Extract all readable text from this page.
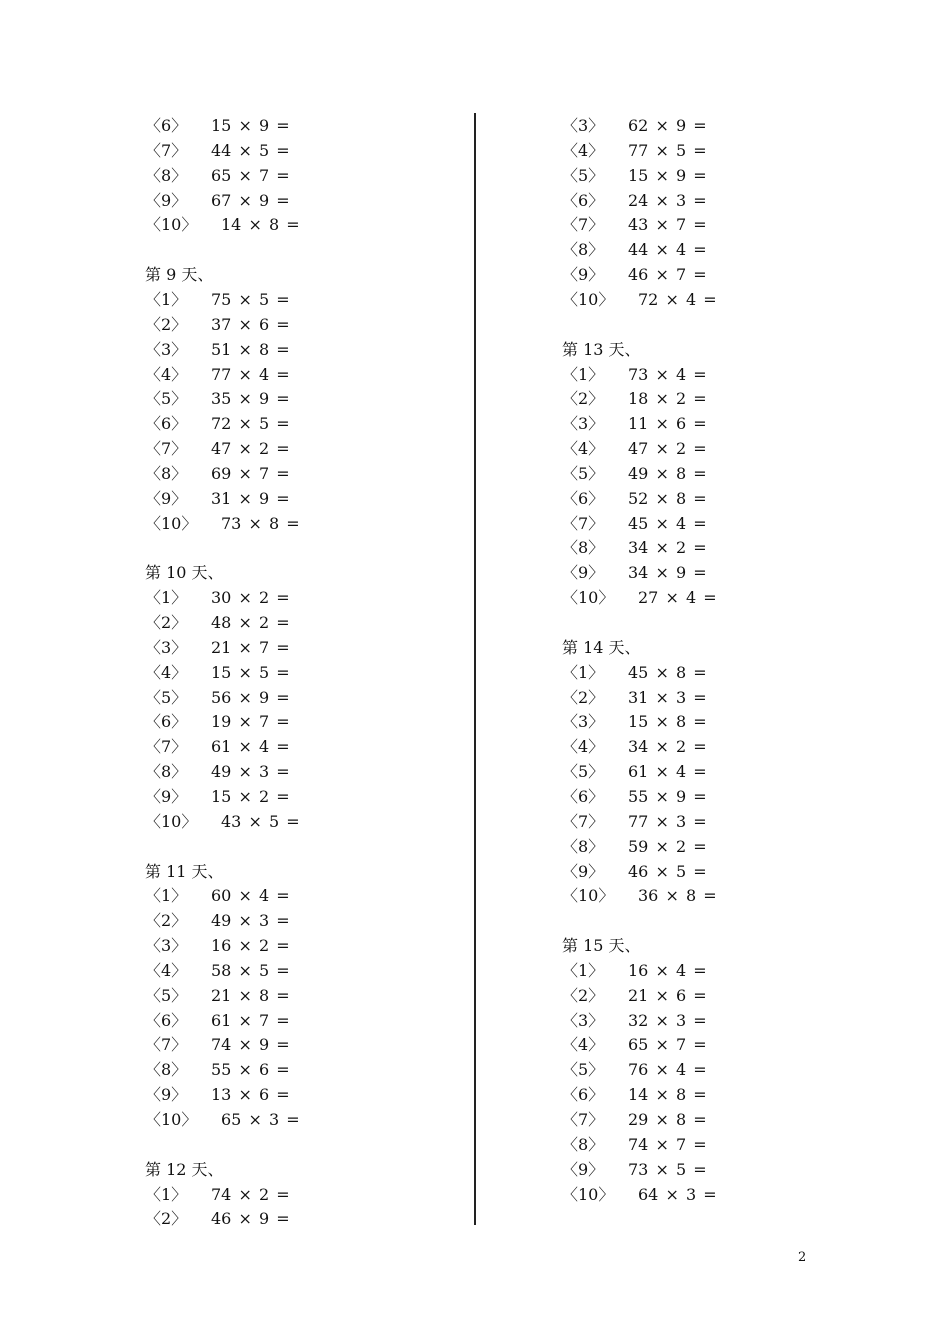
〈6〉 15 × 9 =
〈7〉 44 × 5 =
〈8〉 65 × 7 =
〈9〉 67 × 9 =
〈10〉 14 × 8 =
第 9 天、
〈1〉 75 × 5 =
〈2〉 37 × 6 =
〈3〉 51 × 8 =
〈4〉 77 × 4 =
〈5〉 35 × 9 =
〈6〉 72 × 5 =
〈7〉 47 × 2 =
〈8〉 69 × 7 =
〈9〉 31 × 9 =
〈10〉 73 × 8 =
第 10 天、
〈1〉 30 × 2 =
〈2〉 48 × 2 =
〈3〉 21 × 7 =
〈4〉 15 × 5 =
〈5〉 56 × 9 =
〈6〉 19 × 7 =
〈7〉 61 × 4 =
〈8〉 49 × 3 =
〈9〉 15 × 2 =
〈10〉 43 × 5 =
第 11 天、
〈1〉 60 × 4 =
〈2〉 49 × 3 =
〈3〉 16 × 2 =
〈4〉 58 × 5 =
〈5〉 21 × 8 =
〈6〉 61 × 7 =
〈7〉 74 × 9 =
〈8〉 55 × 6 =
〈9〉 13 × 6 =
〈10〉 65 × 3 =
第 12 天、
〈1〉 74 × 2 =
〈2〉 46 × 9 =
〈3〉 62 × 9 =
〈4〉 77 × 5 =
〈5〉 15 × 9 =
〈6〉 24 × 3 =
〈7〉 43 × 7 =
〈8〉 44 × 4 =
〈9〉 46 × 7 =
〈10〉 72 × 4 =
第 13 天、
〈1〉 73 × 4 =
〈2〉 18 × 2 =
〈3〉 11 × 6 =
〈4〉 47 × 2 =
〈5〉 49 × 8 =
〈6〉 52 × 8 =
〈7〉 45 × 4 =
〈8〉 34 × 2 =
〈9〉 34 × 9 =
〈10〉 27 × 4 =
第 14 天、
〈1〉 45 × 8 =
〈2〉 31 × 3 =
〈3〉 15 × 8 =
〈4〉 34 × 2 =
〈5〉 61 × 4 =
〈6〉 55 × 9 =
〈7〉 77 × 3 =
〈8〉 59 × 2 =
〈9〉 46 × 5 =
〈10〉 36 × 8 =
第 15 天、
〈1〉 16 × 4 =
〈2〉 21 × 6 =
〈3〉 32 × 3 =
〈4〉 65 × 7 =
〈5〉 76 × 4 =
〈6〉 14 × 8 =
〈7〉 29 × 8 =
〈8〉 74 × 7 =
〈9〉 73 × 5 =
〈10〉 64 × 3 =
2
